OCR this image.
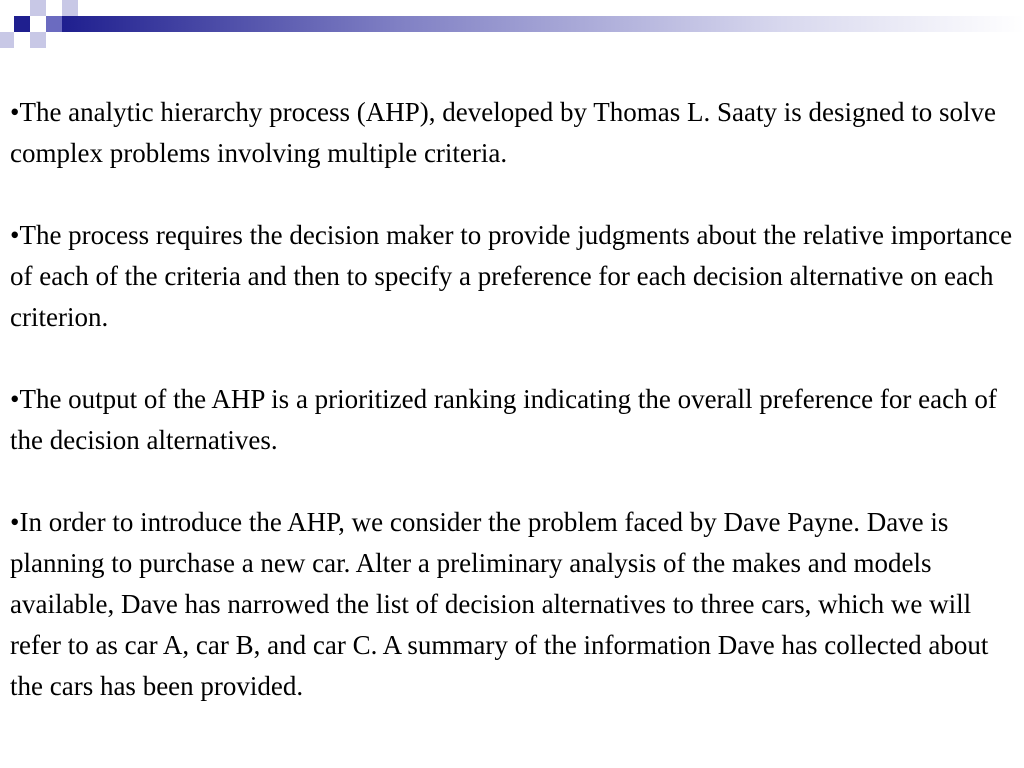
•The analytic hierarchy process (AHP), developed by Thomas L. Saaty is designed to solve complex problems involving multiple criteria.

•The process requires the decision maker to provide judgments about the relative importance of each of the criteria and then to specify a preference for each decision alternative on each criterion.

•The output of the AHP is a prioritized ranking indicating the overall preference for each of the decision alternatives.

•In order to introduce the AHP, we consider the problem faced by Dave Payne. Dave is planning to purchase a new car. Alter a preliminary analysis of the makes and models available, Dave has narrowed the list of decision alternatives to three cars, which we will refer to as car A, car B, and car C. A summary of the information Dave has collected about the cars has been provided.
